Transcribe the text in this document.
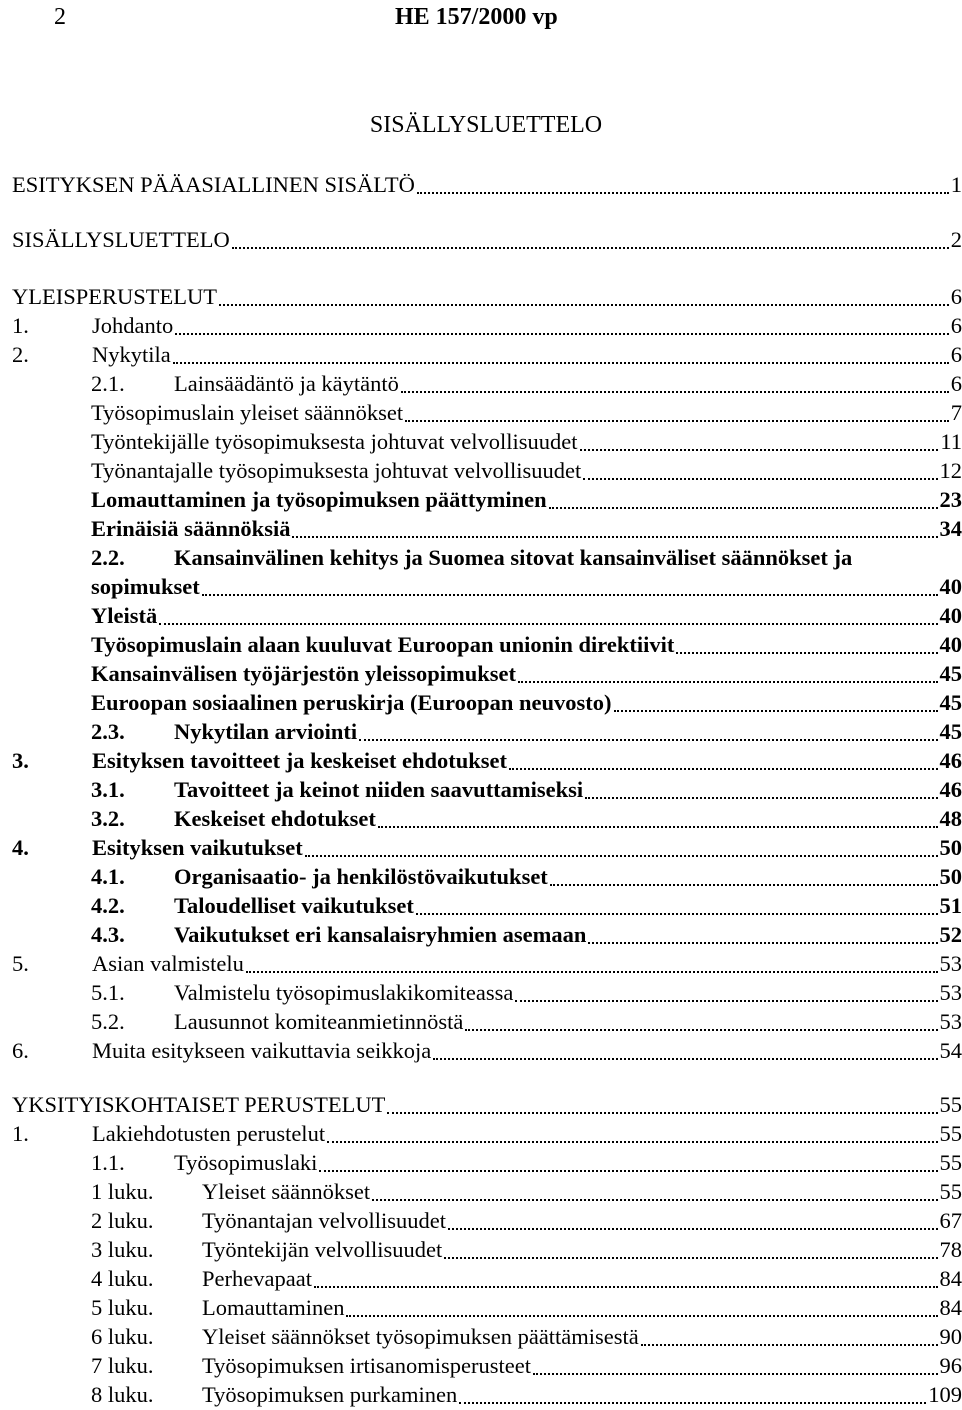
2	HE 157/2000 vp
SISÄLLYSLUETTELO
ESITYKSEN PÄÄASIALLINEN SISÄLTÖ	1
SISÄLLYSLUETTELO	2
YLEISPERUSTELUT	6
1.	Johdanto	6
2.	Nykytila	6
2.1.	Lainsäädäntö ja käytäntö	6
Työsopimuslain yleiset säännökset	7
Työntekijälle työsopimuksesta johtuvat velvollisuudet	11
Työnantajalle työsopimuksesta johtuvat velvollisuudet	12
Lomauttaminen ja työsopimuksen päättyminen	23
Erinäisiä säännöksiä	34
2.2.	Kansainvälinen kehitys ja Suomea sitovat kansainväliset säännökset ja
sopimukset	40
Yleistä	40
Työsopimuslain alaan kuuluvat Euroopan unionin direktiivit	40
Kansainvälisen työjärjestön yleissopimukset	45
Euroopan sosiaalinen peruskirja (Euroopan neuvosto)	45
2.3.	Nykytilan arviointi	45
3.	Esityksen tavoitteet ja keskeiset ehdotukset	46
3.1.	Tavoitteet ja keinot niiden saavuttamiseksi	46
3.2.	Keskeiset ehdotukset	48
4.	Esityksen vaikutukset	50
4.1.	Organisaatio- ja henkilöstövaikutukset	50
4.2.	Taloudelliset vaikutukset	51
4.3.	Vaikutukset eri kansalaisryhmien asemaan	52
5.	Asian valmistelu	53
5.1.	Valmistelu työsopimuslakikomiteassa	53
5.2.	Lausunnot komiteanmietinnöstä	53
6.	Muita esitykseen vaikuttavia seikkoja	54
YKSITYISKOHTAISET PERUSTELUT	55
1.	Lakiehdotusten perustelut	55
1.1.	Työsopimuslaki	55
1 luku.	Yleiset säännökset	55
2 luku.	Työnantajan velvollisuudet	67
3 luku.	Työntekijän velvollisuudet	78
4 luku.	Perhevapaat	84
5 luku.	Lomauttaminen	84
6 luku.	Yleiset säännökset työsopimuksen päättämisestä	90
7 luku.	Työsopimuksen irtisanomisperusteet	96
8 luku.	Työsopimuksen purkaminen	109
